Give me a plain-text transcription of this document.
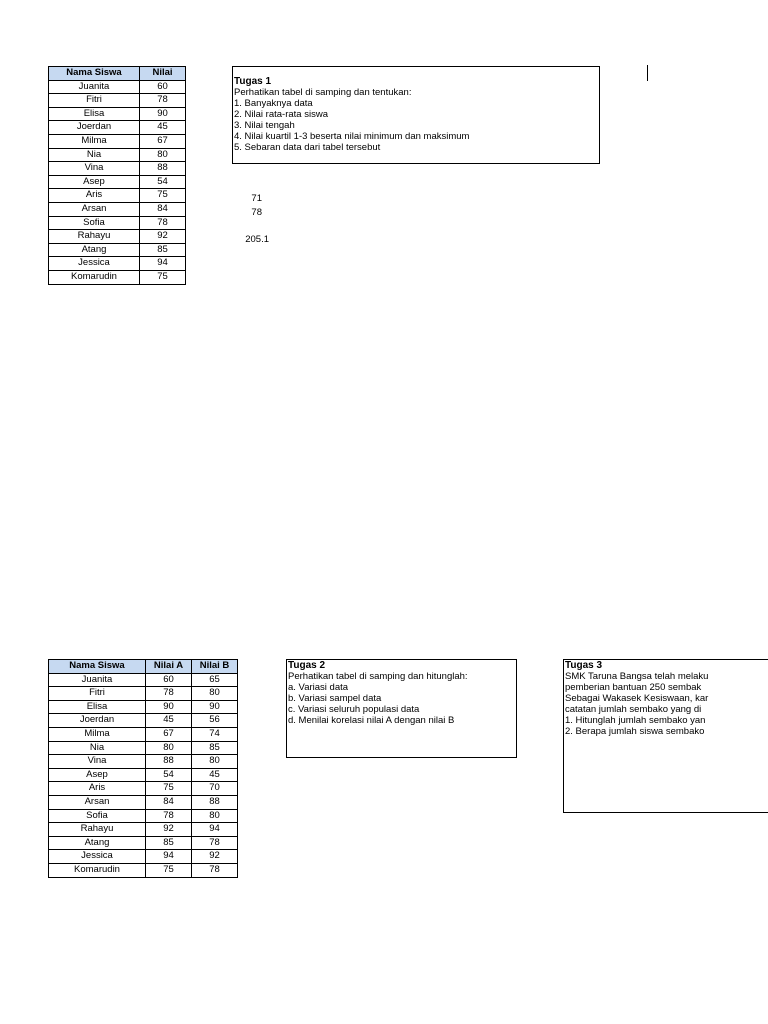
Nama Siswa	Nilai
Juanita	60
Fitri	78
Elisa	90
Joerdan	45
Milma	67
Nia	80
Vina	88
Asep	54
Aris	75
Arsan	84
Sofia	78
Rahayu	92
Atang	85
Jessica	94
Komarudin	75
Tugas 1
Perhatikan tabel di samping dan tentukan:
1. Banyaknya data
2. Nilai rata-rata siswa
3. Nilai tengah
4. Nilai kuartil 1-3 beserta nilai minimum dan maksimum
5. Sebaran data dari tabel tersebut
71
78
205.1
Nama Siswa	Nilai A	Nilai B
Juanita	60	65
Fitri	78	80
Elisa	90	90
Joerdan	45	56
Milma	67	74
Nia	80	85
Vina	88	80
Asep	54	45
Aris	75	70
Arsan	84	88
Sofia	78	80
Rahayu	92	94
Atang	85	78
Jessica	94	92
Komarudin	75	78
Tugas 2
Perhatikan tabel di samping dan hitunglah:
a. Variasi data
b. Variasi sampel data
c. Variasi seluruh populasi data
d. Menilai korelasi nilai A dengan nilai B
Tugas 3
SMK Taruna Bangsa telah melaku
pemberian bantuan 250 sembak
Sebagai Wakasek Kesiswaan, kar
catatan jumlah sembako yang di
1. Hitunglah jumlah sembako yan
2. Berapa jumlah siswa sembako
